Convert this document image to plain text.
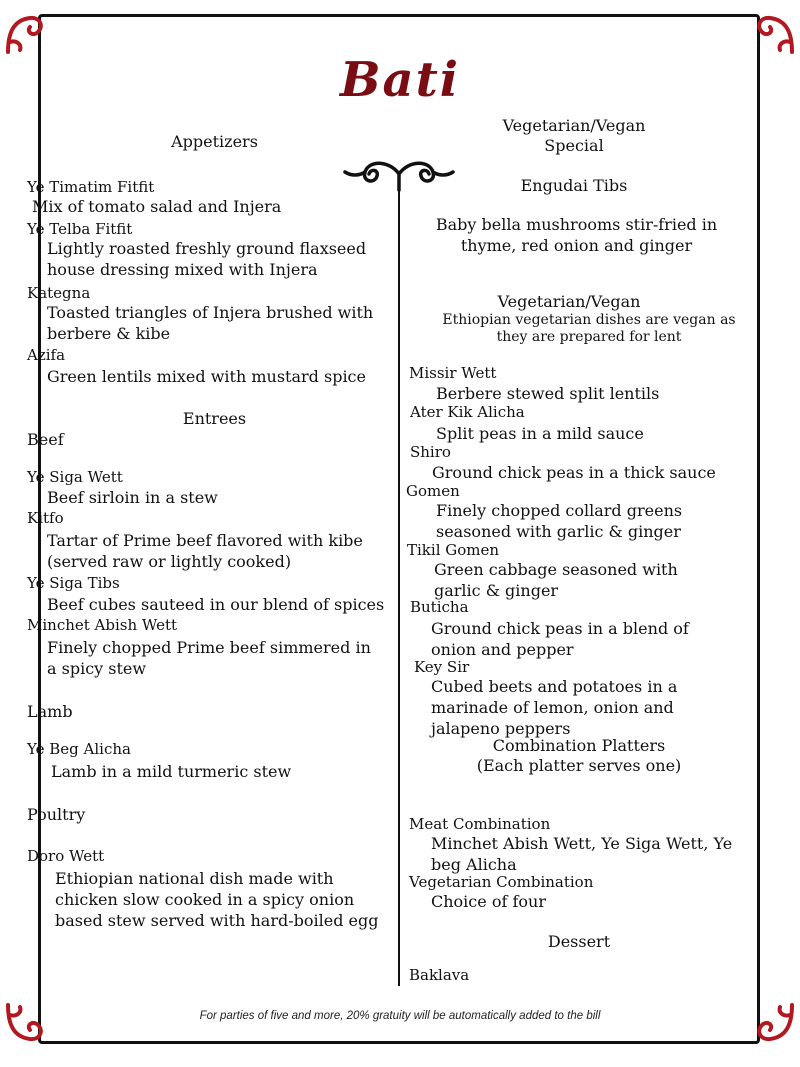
Bati
Appetizers
Ye Timatim Fitfit
Mix of tomato salad and Injera
Ye Telba Fitfit
Lightly roasted freshly ground flaxseed house dressing mixed with Injera
Kategna
Toasted triangles of Injera brushed with berbere & kibe
Azifa
Green lentils mixed with mustard spice
Entrees
Beef
Ye Siga Wett
Beef sirloin in a stew
Kitfo
Tartar of Prime beef flavored with kibe (served raw or lightly cooked)
Ye Siga Tibs
Beef cubes sauteed in our blend of spices
Minchet Abish Wett
Finely chopped Prime beef simmered in a spicy stew
Lamb
Ye Beg Alicha
Lamb in a mild turmeric stew
Poultry
Doro Wett
Ethiopian national dish made with chicken slow cooked in a spicy onion based stew served with hard-boiled egg
Vegetarian/Vegan
Special
Engudai Tibs
Baby bella mushrooms stir-fried in thyme, red onion and ginger
Vegetarian/Vegan
Ethiopian vegetarian dishes are vegan as they are prepared for lent
Missir Wett
Berbere stewed split lentils
Ater Kik Alicha
Split peas in a mild sauce
Shiro
Ground chick peas in a thick sauce
Gomen
Finely chopped collard greens seasoned with garlic & ginger
Tikil Gomen
Green cabbage seasoned with garlic & ginger
Buticha
Ground chick peas in a blend of onion and pepper
Key Sir
Cubed beets and potatoes in a marinade of lemon, onion and jalapeno peppers
Combination Platters
(Each platter serves one)
Meat Combination
Minchet Abish Wett, Ye Siga Wett, Ye beg Alicha
Vegetarian Combination
Choice of four
Dessert
Baklava
For parties of five and more, 20% gratuity will be automatically added to the bill
